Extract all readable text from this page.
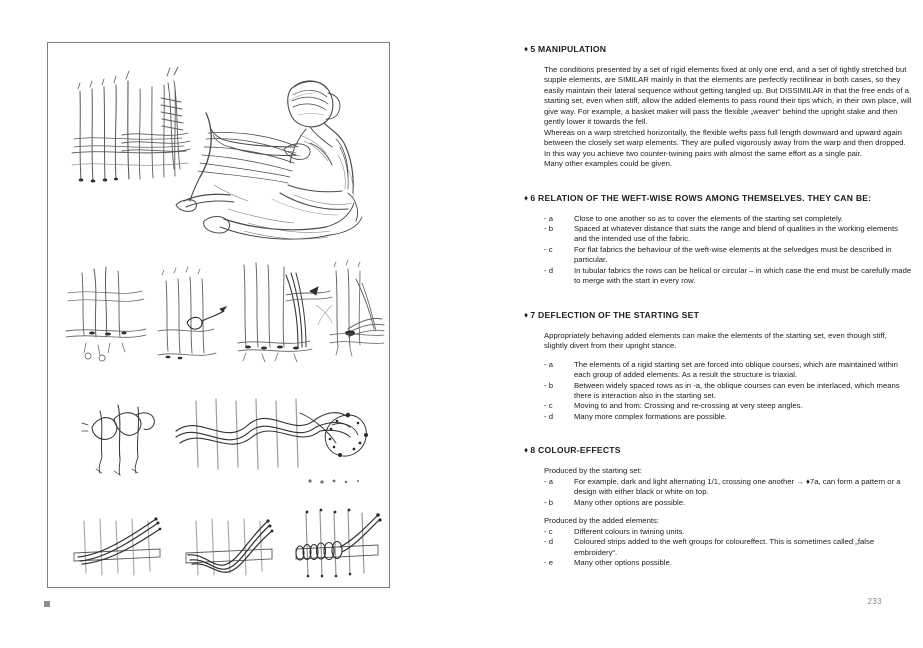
233
♦ 5 MANIPULATION

The conditions presented by a set of rigid elements fixed at only one end, and a set of tightly stretched but supple elements, are SIMILAR mainly in that the elements are perfectly rectilinear in both cases, so they easily maintain their lateral sequence without getting tangled up. But DISSIMILAR in that the free ends of a starting set, even when stiff, allow the added elements to pass round their tips which, in their own place, will give way. For example, a basket maker will pass the flexible „weaver“ behind the upright stake and then gently lower it towards the fell.

Whereas on a warp stretched horizontally, the flexible wefts pass full length downward and upward again between the closely set warp elements. They are pulled vigorously away from the warp and then dropped. In this way you achieve two counter-twining pairs with almost the same effort as a single pair.

Many other examples could be given.

♦ 6 RELATION OF THE WEFT-WISE ROWS AMONG THEMSELVES. THEY CAN BE:
- a	Close to one another so as to cover the elements of the starting set completely.
- b	Spaced at whatever distance that suits the range and blend of qualities in the working elements and the intended use of the fabric.
- c	For flat fabrics the behaviour of the weft-wise elements at the selvedges must be described in particular.
- d	In tubular fabrics the rows can be helical or circular – in which case the end must be carefully made to merge with the start in every row.
♦ 7 DEFLECTION OF THE STARTING SET

Appropriately behaving added elements can make the elements of the starting set, even though stiff, slightly divert from their upright stance.

- a	The elements of a rigid starting set are forced into oblique courses, which are maintained within each group of added elements. As a result the structure is triaxial.
- b	Between widely spaced rows as in -a, the oblique courses can even be interlaced, which means there is interaction also in the starting set.
- c	Moving to and from: Crossing and re-crossing at very steep angles.
- d	Many more complex formations are possible.
♦ 8 COLOUR-EFFECTS

Produced by the starting set:

- a	For example, dark and light alternating 1/1, crossing one another → ♦7a, can form a pattern or a design with either black or white on top.
- b	Many other options are possible.

Produced by the added elements:

- c	Different colours in twining units.
- d	Coloured strips added to the weft groups for coloureffect. This is sometimes called „false embroidery“.
- e	Many other options possible.
